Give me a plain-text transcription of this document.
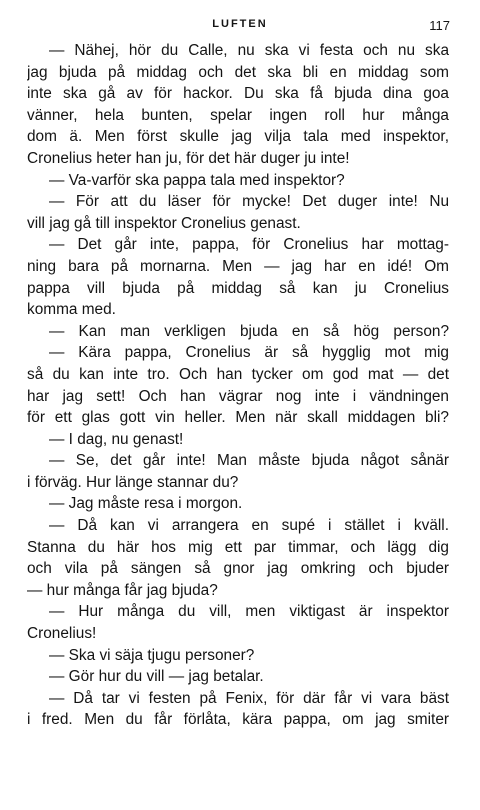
LUFTEN	117
— Nähej, hör du Calle, nu ska vi festa och nu ska
jag bjuda på middag och det ska bli en middag som
inte ska gå av för hackor. Du ska få bjuda dina goa
vänner, hela bunten, spelar ingen roll hur många
dom ä. Men först skulle jag vilja tala med inspektor,
Cronelius heter han ju, för det här duger ju inte!
— Va-varför ska pappa tala med inspektor?
— För att du läser för mycke! Det duger inte! Nu
vill jag gå till inspektor Cronelius genast.
— Det går inte, pappa, för Cronelius har mottag-
ning bara på mornarna. Men — jag har en idé! Om
pappa vill bjuda på middag så kan ju Cronelius
komma med.
— Kan man verkligen bjuda en så hög person?
— Kära pappa, Cronelius är så hygglig mot mig
så du kan inte tro. Och han tycker om god mat — det
har jag sett! Och han vägrar nog inte i vändningen
för ett glas gott vin heller. Men när skall middagen bli?
— I dag, nu genast!
— Se, det går inte! Man måste bjuda något sånär
i förväg. Hur länge stannar du?
— Jag måste resa i morgon.
— Då kan vi arrangera en supé i stället i kväll.
Stanna du här hos mig ett par timmar, och lägg dig
och vila på sängen så gnor jag omkring och bjuder
— hur många får jag bjuda?
— Hur många du vill, men viktigast är inspektor
Cronelius!
— Ska vi säja tjugu personer?
— Gör hur du vill — jag betalar.
— Då tar vi festen på Fenix, för där får vi vara bäst
i fred. Men du får förlåta, kära pappa, om jag smiter
